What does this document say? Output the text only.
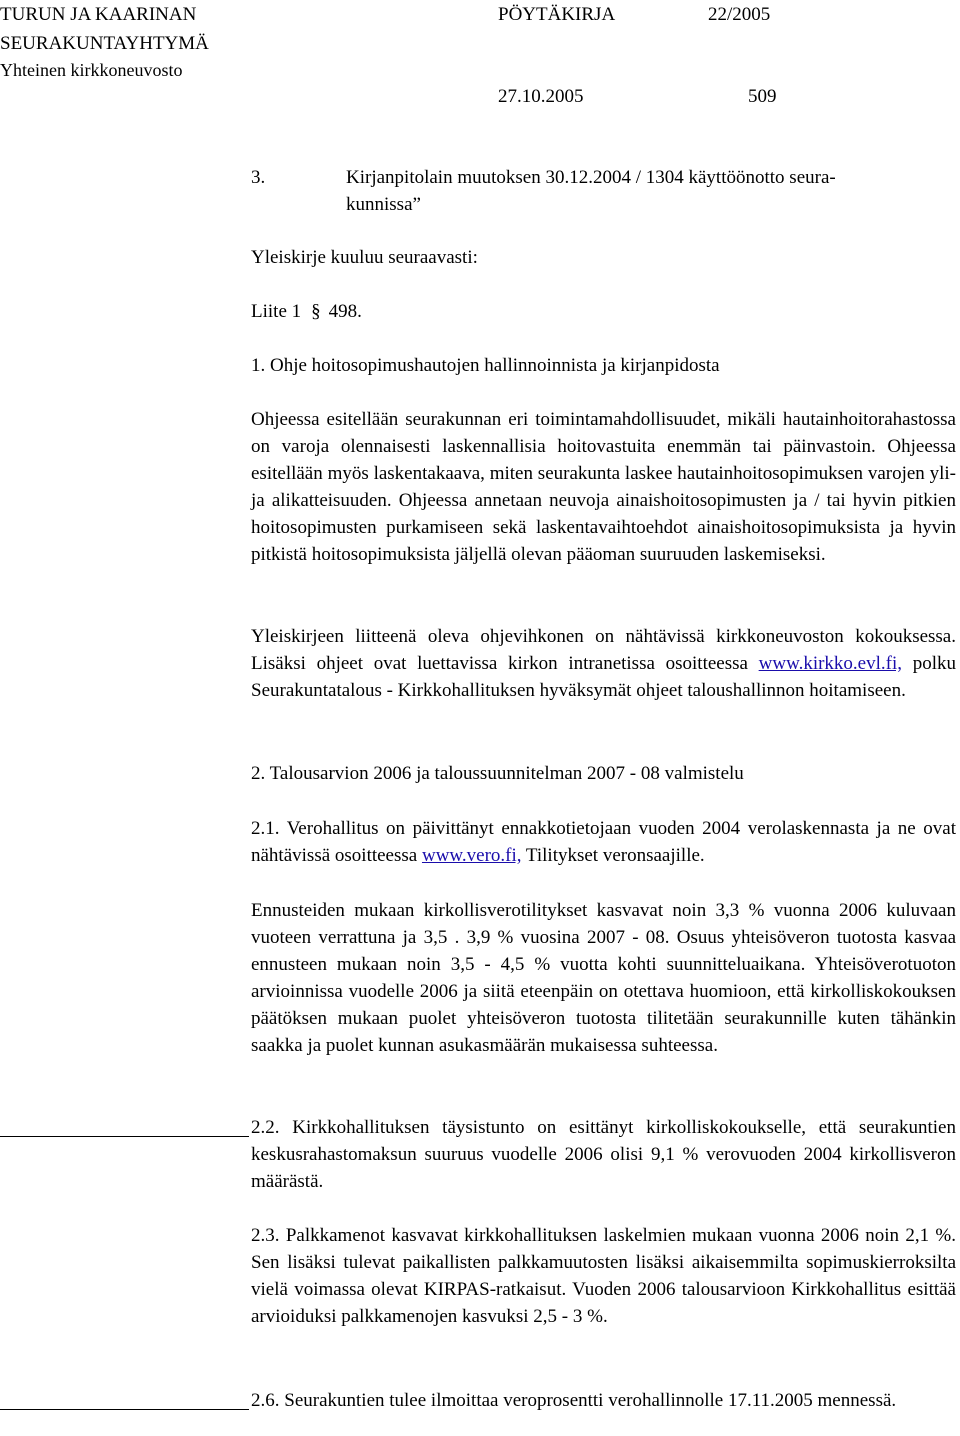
TURUN JA KAARINAN
SEURAKUNTAYHTYMÄ
Yhteinen kirkkoneuvosto
PÖYTÄKIRJA	22/2005
27.10.2005	509
3.	Kirjanpitolain muutoksen 30.12.2004 / 1304 käyttöönotto seura-
kunnissa”
Yleiskirje kuuluu seuraavasti:
Liite 1 § 498.
1. Ohje hoitosopimushautojen hallinnoinnista ja kirjanpidosta

Ohjeessa esitellään seurakunnan eri toimintamahdollisuudet, mikäli hautainhoitorahastossa on varoja olennaisesti laskennallisia hoitovastuita enemmän tai päinvastoin. Ohjeessa esitellään myös laskentakaava, miten seurakunta laskee hautainhoitosopimuksen varojen yli- ja alikatteisuuden. Ohjeessa annetaan neuvoja ainaishoitosopimusten ja / tai hyvin pitkien hoitosopimusten purkamiseen sekä laskentavaihtoehdot ainaishoitosopimuksista ja hyvin pitkistä hoitosopimuksista jäljellä olevan pääoman suuruuden laskemiseksi.

Yleiskirjeen liitteenä oleva ohjevihkonen on nähtävissä kirkkoneuvoston kokouksessa. Lisäksi ohjeet ovat luettavissa kirkon intranetissa osoitteessa www.kirkko.evl.fi, polku Seurakuntatalous - Kirkkohallituksen hyväksymät ohjeet taloushallinnon hoitamiseen.

2. Talousarvion 2006 ja taloussuunnitelman 2007 - 08 valmistelu

2.1. Verohallitus on päivittänyt ennakkotietojaan vuoden 2004 verolaskennasta ja ne ovat nähtävissä osoitteessa www.vero.fi, Tilitykset veronsaajille.

Ennusteiden mukaan kirkollisverotilitykset kasvavat noin 3,3 % vuonna 2006 kuluvaan vuoteen verrattuna ja 3,5 . 3,9 % vuosina 2007 - 08. Osuus yhteisöveron tuotosta kasvaa ennusteen mukaan noin 3,5 - 4,5 % vuotta kohti suunnitteluaikana. Yhteisöverotuoton arvioinnissa vuodelle 2006 ja siitä eteenpäin on otettava huomioon, että kirkolliskokouksen päätöksen mukaan puolet yhteisöveron tuotosta tilitetään seurakunnille kuten tähänkin saakka ja puolet kunnan asukasmäärän mukaisessa suhteessa.

2.2. Kirkkohallituksen täysistunto on esittänyt kirkolliskokoukselle, että seurakuntien keskusrahastomaksun suuruus vuodelle 2006 olisi 9,1 % verovuoden 2004 kirkollisveron määrästä.

2.3. Palkkamenot kasvavat kirkkohallituksen laskelmien mukaan vuonna 2006 noin 2,1 %. Sen lisäksi tulevat paikallisten palkkamuutosten lisäksi aikaisemmilta sopimuskierroksilta vielä voimassa olevat KIRPAS-ratkaisut. Vuoden 2006 talousarvioon Kirkkohallitus esittää arvioiduksi palkkamenojen kasvuksi 2,5 - 3 %.

2.6. Seurakuntien tulee ilmoittaa veroprosentti verohallinnolle 17.11.2005 mennessä.
